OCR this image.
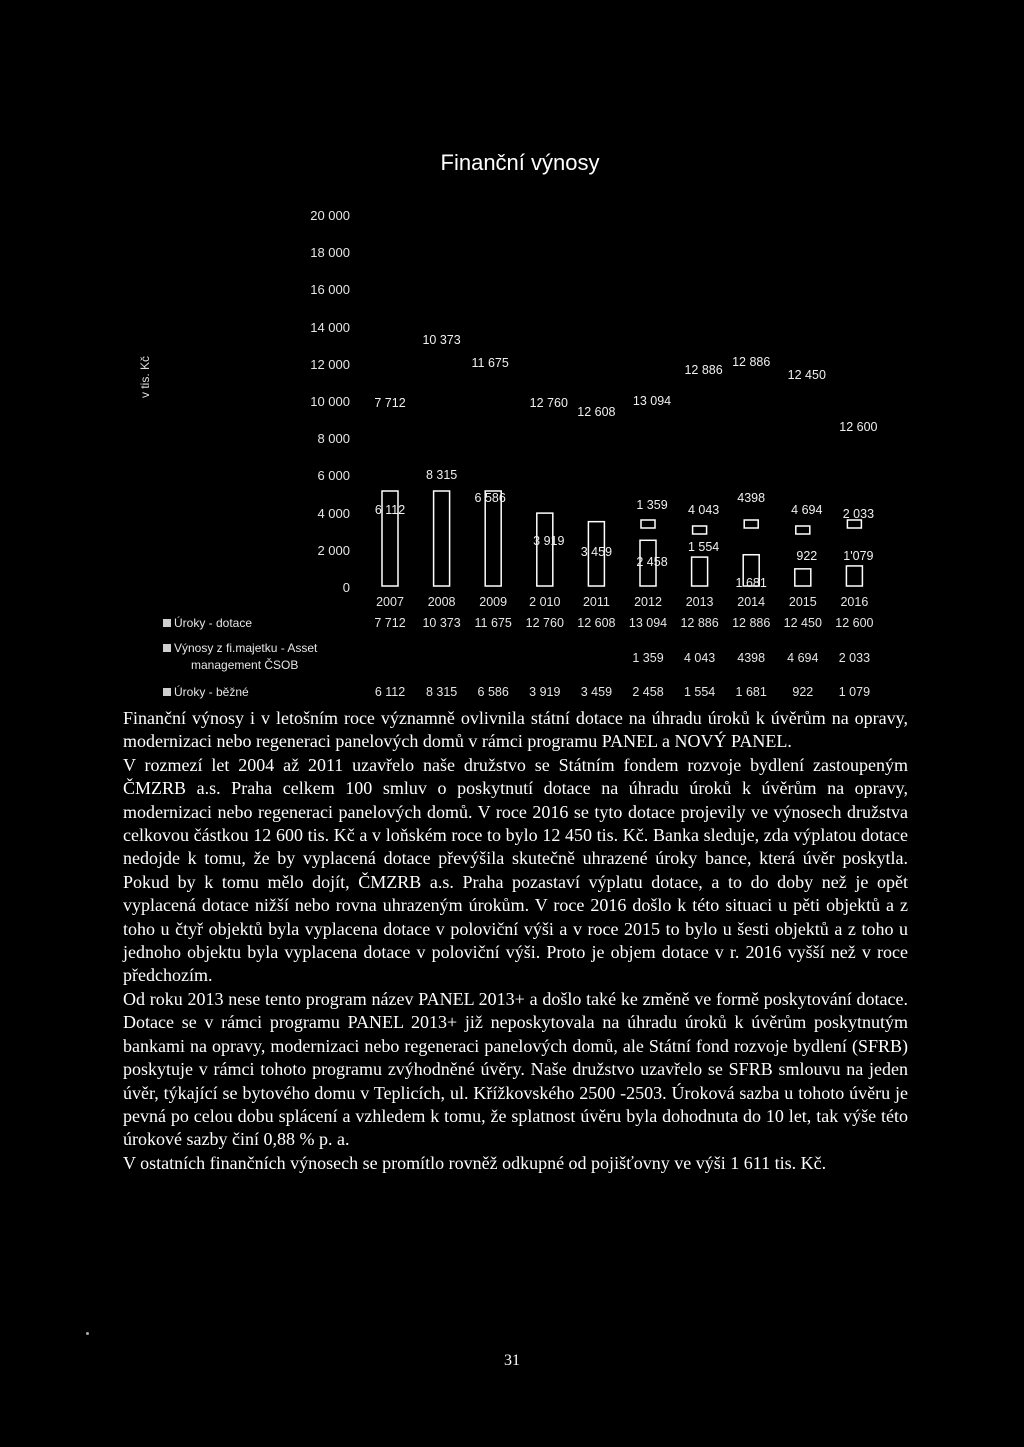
Finanční výnosy
v tis. Kč
20 000
18 000
16 000
14 000
12 000
10 000
8 000
6 000
4 000
2 000
0
7 712
10 373
11 675
12 760
12 608
13 094
12 886
12 886
12 450
12 600
1 359 4 043
4398
4 694 2 033
6 112
8 315
6 586
3 919
3 459
2 458
1 554
1 681
922 1'079
2007 2008 2009 2 010 2011 2012 2013 2014 2015 2016
Úroky - dotace
Výnosy z fi.majetku - Asset
management ČSOB
Úroky - běžné
7 712 10 373 11 675 12 760 12 608 13 094 12 886 12 886 12 450 12 600
1 359 4 043 4398 4 694 2 033
6 112 8 315 6 586 3 919 3 459 2 458 1 554 1 681 922 1 079

Finanční výnosy i v letošním roce významně ovlivnila státní dotace na úhradu úroků k úvěrům na opravy, modernizaci nebo regeneraci panelových domů v rámci programu PANEL a NOVÝ PANEL.

V rozmezí let 2004 až 2011 uzavřelo naše družstvo se Státním fondem rozvoje bydlení zastoupeným ČMZRB a.s. Praha celkem 100 smluv o poskytnutí dotace na úhradu úroků k úvěrům na opravy, modernizaci nebo regeneraci panelových domů. V roce 2016 se tyto dotace projevily ve výnosech družstva celkovou částkou 12 600 tis. Kč a v loňském roce to bylo 12 450 tis. Kč. Banka sleduje, zda výplatou dotace nedojde k tomu, že by vyplacená dotace převýšila skutečně uhrazené úroky bance, která úvěr poskytla. Pokud by k tomu mělo dojít, ČMZRB a.s. Praha pozastaví výplatu dotace, a to do doby než je opět vyplacená dotace nižší nebo rovna uhrazeným úrokům. V roce 2016 došlo k této situaci u pěti objektů a z toho u čtyř objektů byla vyplacena dotace v poloviční výši a v roce 2015 to bylo u šesti objektů a z toho u jednoho objektu byla vyplacena dotace v poloviční výši. Proto je objem dotace v r. 2016 vyšší než v roce předchozím.

Od roku 2013 nese tento program název PANEL 2013+ a došlo také ke změně ve formě poskytování dotace. Dotace se v rámci programu PANEL 2013+ již neposkytovala na úhradu úroků k úvěrům poskytnutým bankami na opravy, modernizaci nebo regeneraci panelových domů, ale Státní fond rozvoje bydlení (SFRB) poskytuje v rámci tohoto programu zvýhodněné úvěry. Naše družstvo uzavřelo se SFRB smlouvu na jeden úvěr, týkající se bytového domu v Teplicích, ul. Křížkovského 2500 -2503. Úroková sazba u tohoto úvěru je pevná po celou dobu splácení a vzhledem k tomu, že splatnost úvěru byla dohodnuta do 10 let, tak výše této úrokové sazby činí 0,88 % p. a.

V ostatních finančních výnosech se promítlo rovněž odkupné od pojišťovny ve výši 1 611 tis. Kč.

31
